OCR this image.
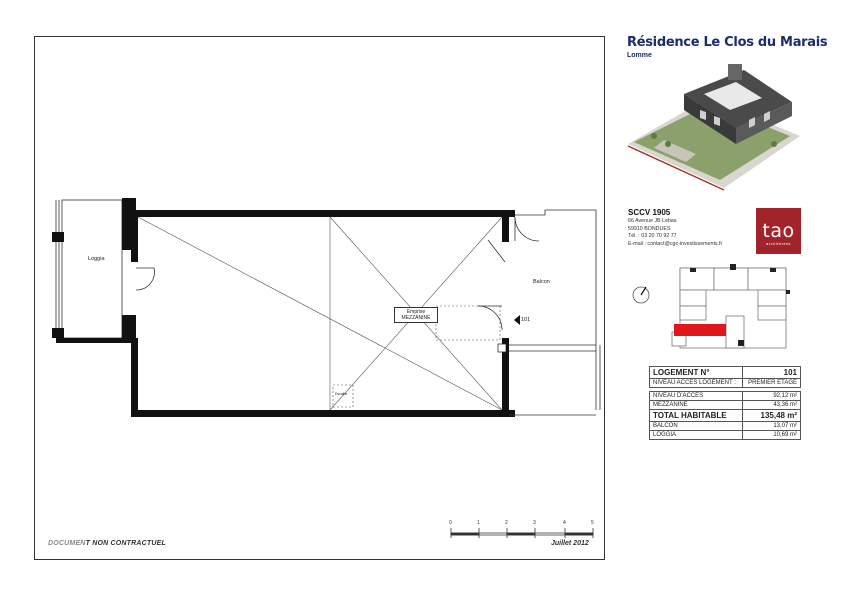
Loggia
Balcon
Emprise
MEZZANINE	101
Escalier
0	1	2	3	4	5
DOCUMENT NON CONTRACTUEL	Juillet 2012
Résidence Le Clos du Marais
Lomme
SCCV 1905
66 Avenue JB Lebas
59910 BONDUES
Tél. : 03 20 70 92 77
E-mail : contact@cgc-investissements.fr
tao
architectes
LOGEMENT N°	101
NIVEAU ACCES LOGEMENT :	PREMIER ETAGE

NIVEAU D'ACCES	92,12 m²
MEZZANINE	43,36 m²
TOTAL HABITABLE	135,48 m²
BALCON	13,07 m²
LOGGIA	10,69 m²
